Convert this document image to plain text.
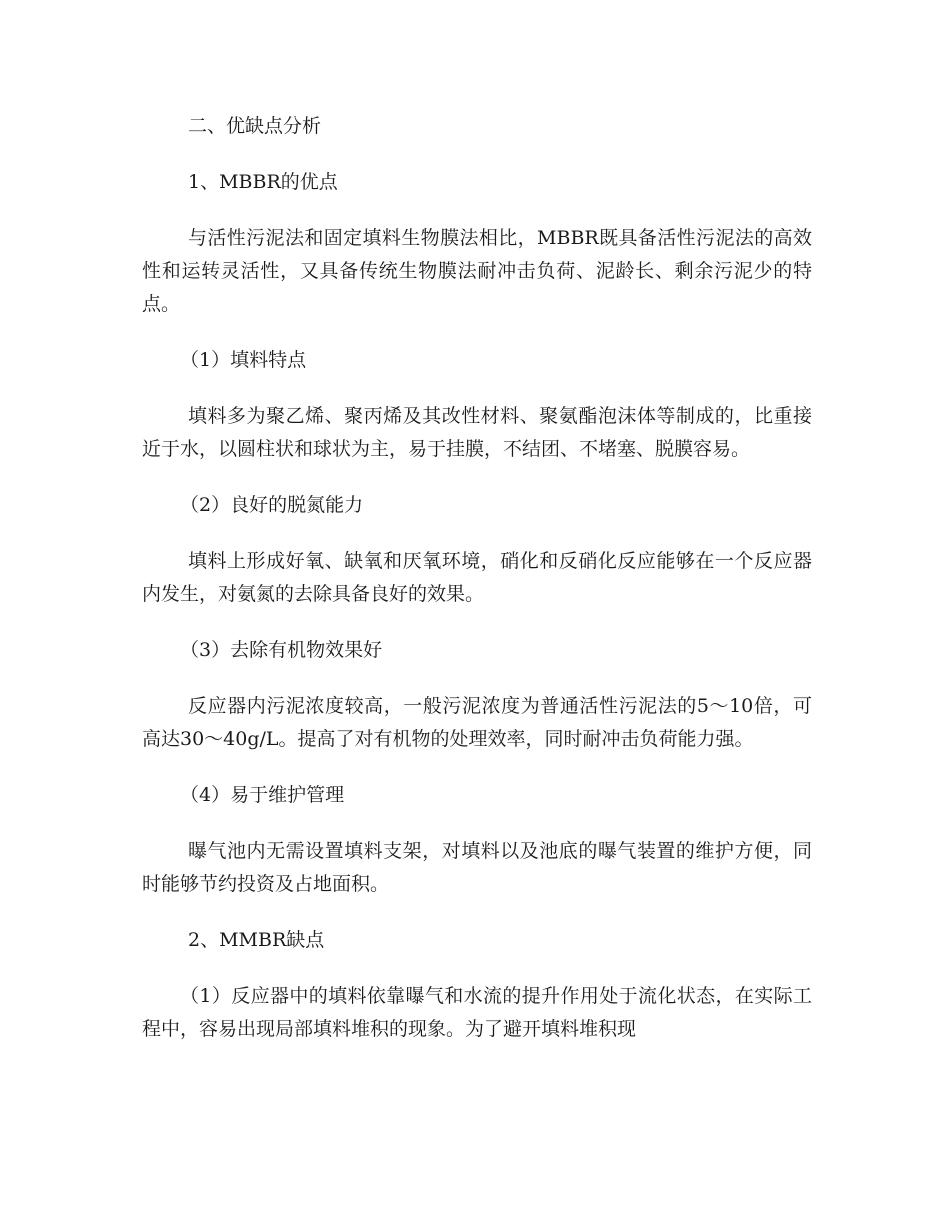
二、优缺点分析

1、MBBR的优点

与活性污泥法和固定填料生物膜法相比，MBBR既具备活性污泥法的高效性和运转灵活性，又具备传统生物膜法耐冲击负荷、泥龄长、剩余污泥少的特点。

（1）填料特点

填料多为聚乙烯、聚丙烯及其改性材料、聚氨酯泡沫体等制成的，比重接近于水，以圆柱状和球状为主，易于挂膜，不结团、不堵塞、脱膜容易。

（2）良好的脱氮能力

填料上形成好氧、缺氧和厌氧环境，硝化和反硝化反应能够在一个反应器内发生，对氨氮的去除具备良好的效果。

（3）去除有机物效果好

反应器内污泥浓度较高，一般污泥浓度为普通活性污泥法的5～10倍，可高达30～40g/L。提高了对有机物的处理效率，同时耐冲击负荷能力强。

（4）易于维护管理

曝气池内无需设置填料支架，对填料以及池底的曝气装置的维护方便，同时能够节约投资及占地面积。

2、MMBR缺点

（1）反应器中的填料依靠曝气和水流的提升作用处于流化状态，在实际工程中，容易出现局部填料堆积的现象。为了避开填料堆积现
